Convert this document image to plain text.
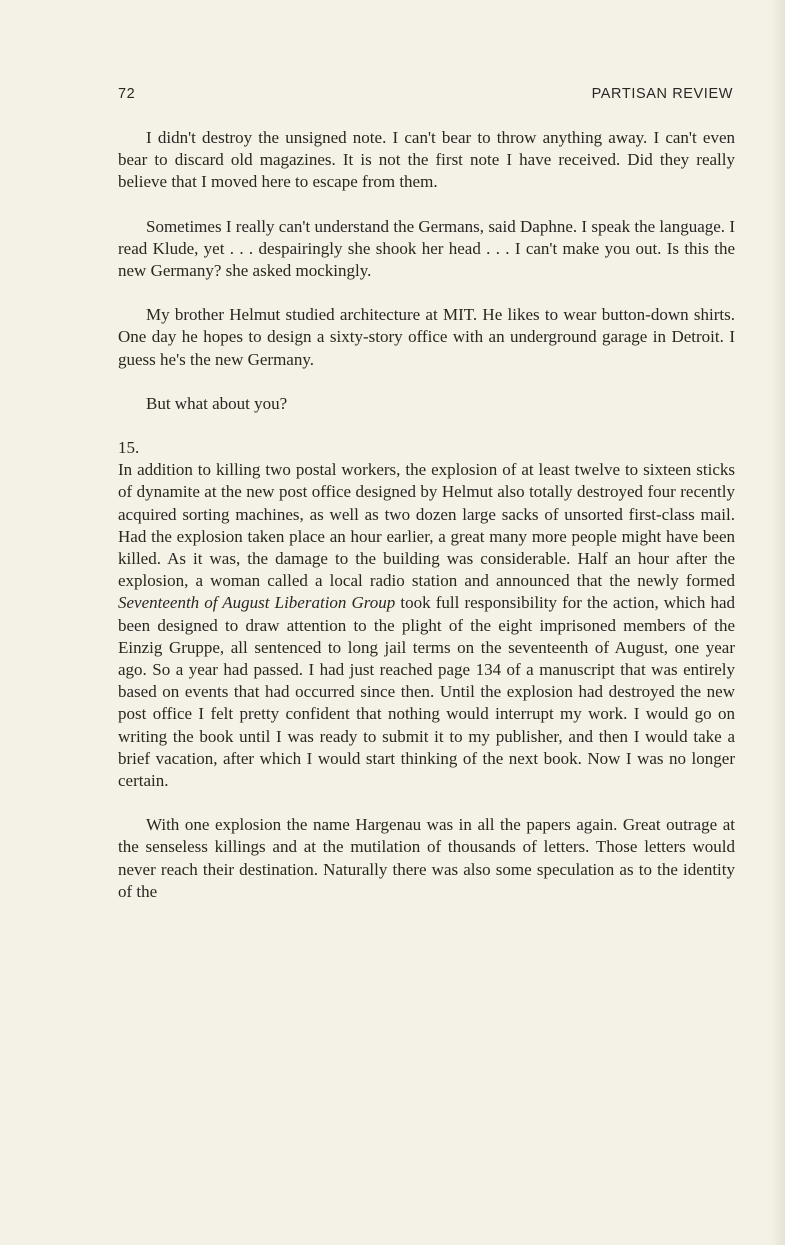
72	PARTISAN REVIEW

I didn't destroy the unsigned note. I can't bear to throw anything away. I can't even bear to discard old magazines. It is not the first note I have received. Did they really believe that I moved here to escape from them.

Sometimes I really can't understand the Germans, said Daphne. I speak the language. I read Klude, yet . . . despairingly she shook her head . . . I can't make you out. Is this the new Germany? she asked mockingly.

My brother Helmut studied architecture at MIT. He likes to wear button-down shirts. One day he hopes to design a sixty-story office with an underground garage in Detroit. I guess he's the new Germany.

But what about you?

15.

In addition to killing two postal workers, the explosion of at least twelve to sixteen sticks of dynamite at the new post office designed by Helmut also totally destroyed four recently acquired sorting machines, as well as two dozen large sacks of unsorted first-class mail. Had the explosion taken place an hour earlier, a great many more people might have been killed. As it was, the damage to the building was considerable. Half an hour after the explosion, a woman called a local radio station and announced that the newly formed Seventeenth of August Liberation Group took full responsibility for the action, which had been designed to draw attention to the plight of the eight imprisoned members of the Einzig Gruppe, all sentenced to long jail terms on the seventeenth of August, one year ago. So a year had passed. I had just reached page 134 of a manuscript that was entirely based on events that had occurred since then. Until the explosion had destroyed the new post office I felt pretty confident that nothing would interrupt my work. I would go on writing the book until I was ready to submit it to my publisher, and then I would take a brief vacation, after which I would start thinking of the next book. Now I was no longer certain.

With one explosion the name Hargenau was in all the papers again. Great outrage at the senseless killings and at the mutilation of thousands of letters. Those letters would never reach their destination. Naturally there was also some speculation as to the identity of the
